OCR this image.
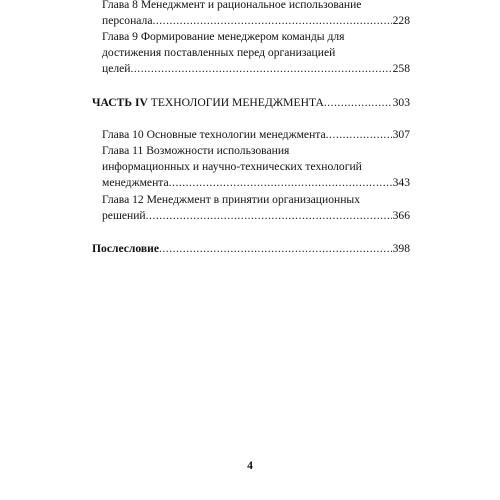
Глава 8 Менеджмент и рациональное использование
персонала .....	228
Глава 9 Формирование менеджером команды для
достижения поставленных перед организацией
целей .....	258
ЧАСТЬ IV ТЕХНОЛОГИИ МЕНЕДЖМЕНТА .....	303
Глава 10 Основные технологии менеджмента .....	307
Глава 11 Возможности использования
информационных и научно-технических технологий
менеджмента .....	343
Глава 12 Менеджмент в принятии организационных
решений .....	366
Послесловие .....	398
4
